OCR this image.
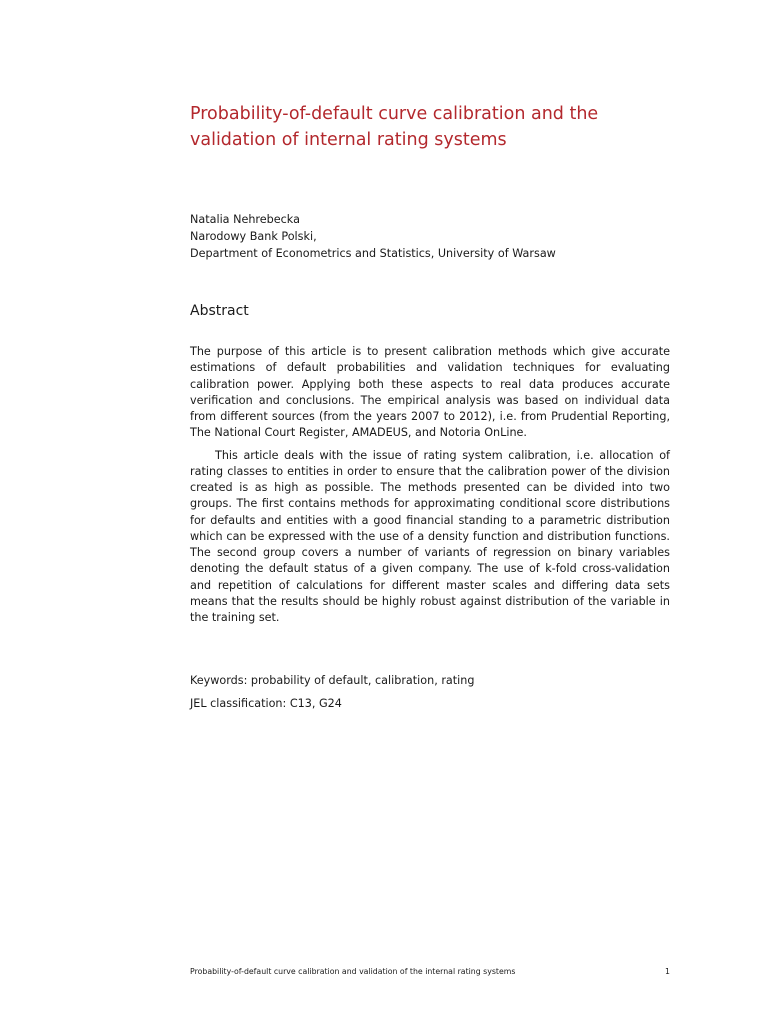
Probability-of-default curve calibration and the validation of internal rating systems
Natalia Nehrebecka
Narodowy Bank Polski,
Department of Econometrics and Statistics, University of Warsaw
Abstract

The purpose of this article is to present calibration methods which give accurate estimations of default probabilities and validation techniques for evaluating calibration power. Applying both these aspects to real data produces accurate verification and conclusions. The empirical analysis was based on individual data from different sources (from the years 2007 to 2012), i.e. from Prudential Reporting, The National Court Register, AMADEUS, and Notoria OnLine.

This article deals with the issue of rating system calibration, i.e. allocation of rating classes to entities in order to ensure that the calibration power of the division created is as high as possible. The methods presented can be divided into two groups. The first contains methods for approximating conditional score distributions for defaults and entities with a good financial standing to a parametric distribution which can be expressed with the use of a density function and distribution functions. The second group covers a number of variants of regression on binary variables denoting the default status of a given company. The use of k-fold cross-validation and repetition of calculations for different master scales and differing data sets means that the results should be highly robust against distribution of the variable in the training set.

Keywords: probability of default, calibration, rating
JEL classification: C13, G24
Probability-of-default curve calibration and validation of the internal rating systems	1
